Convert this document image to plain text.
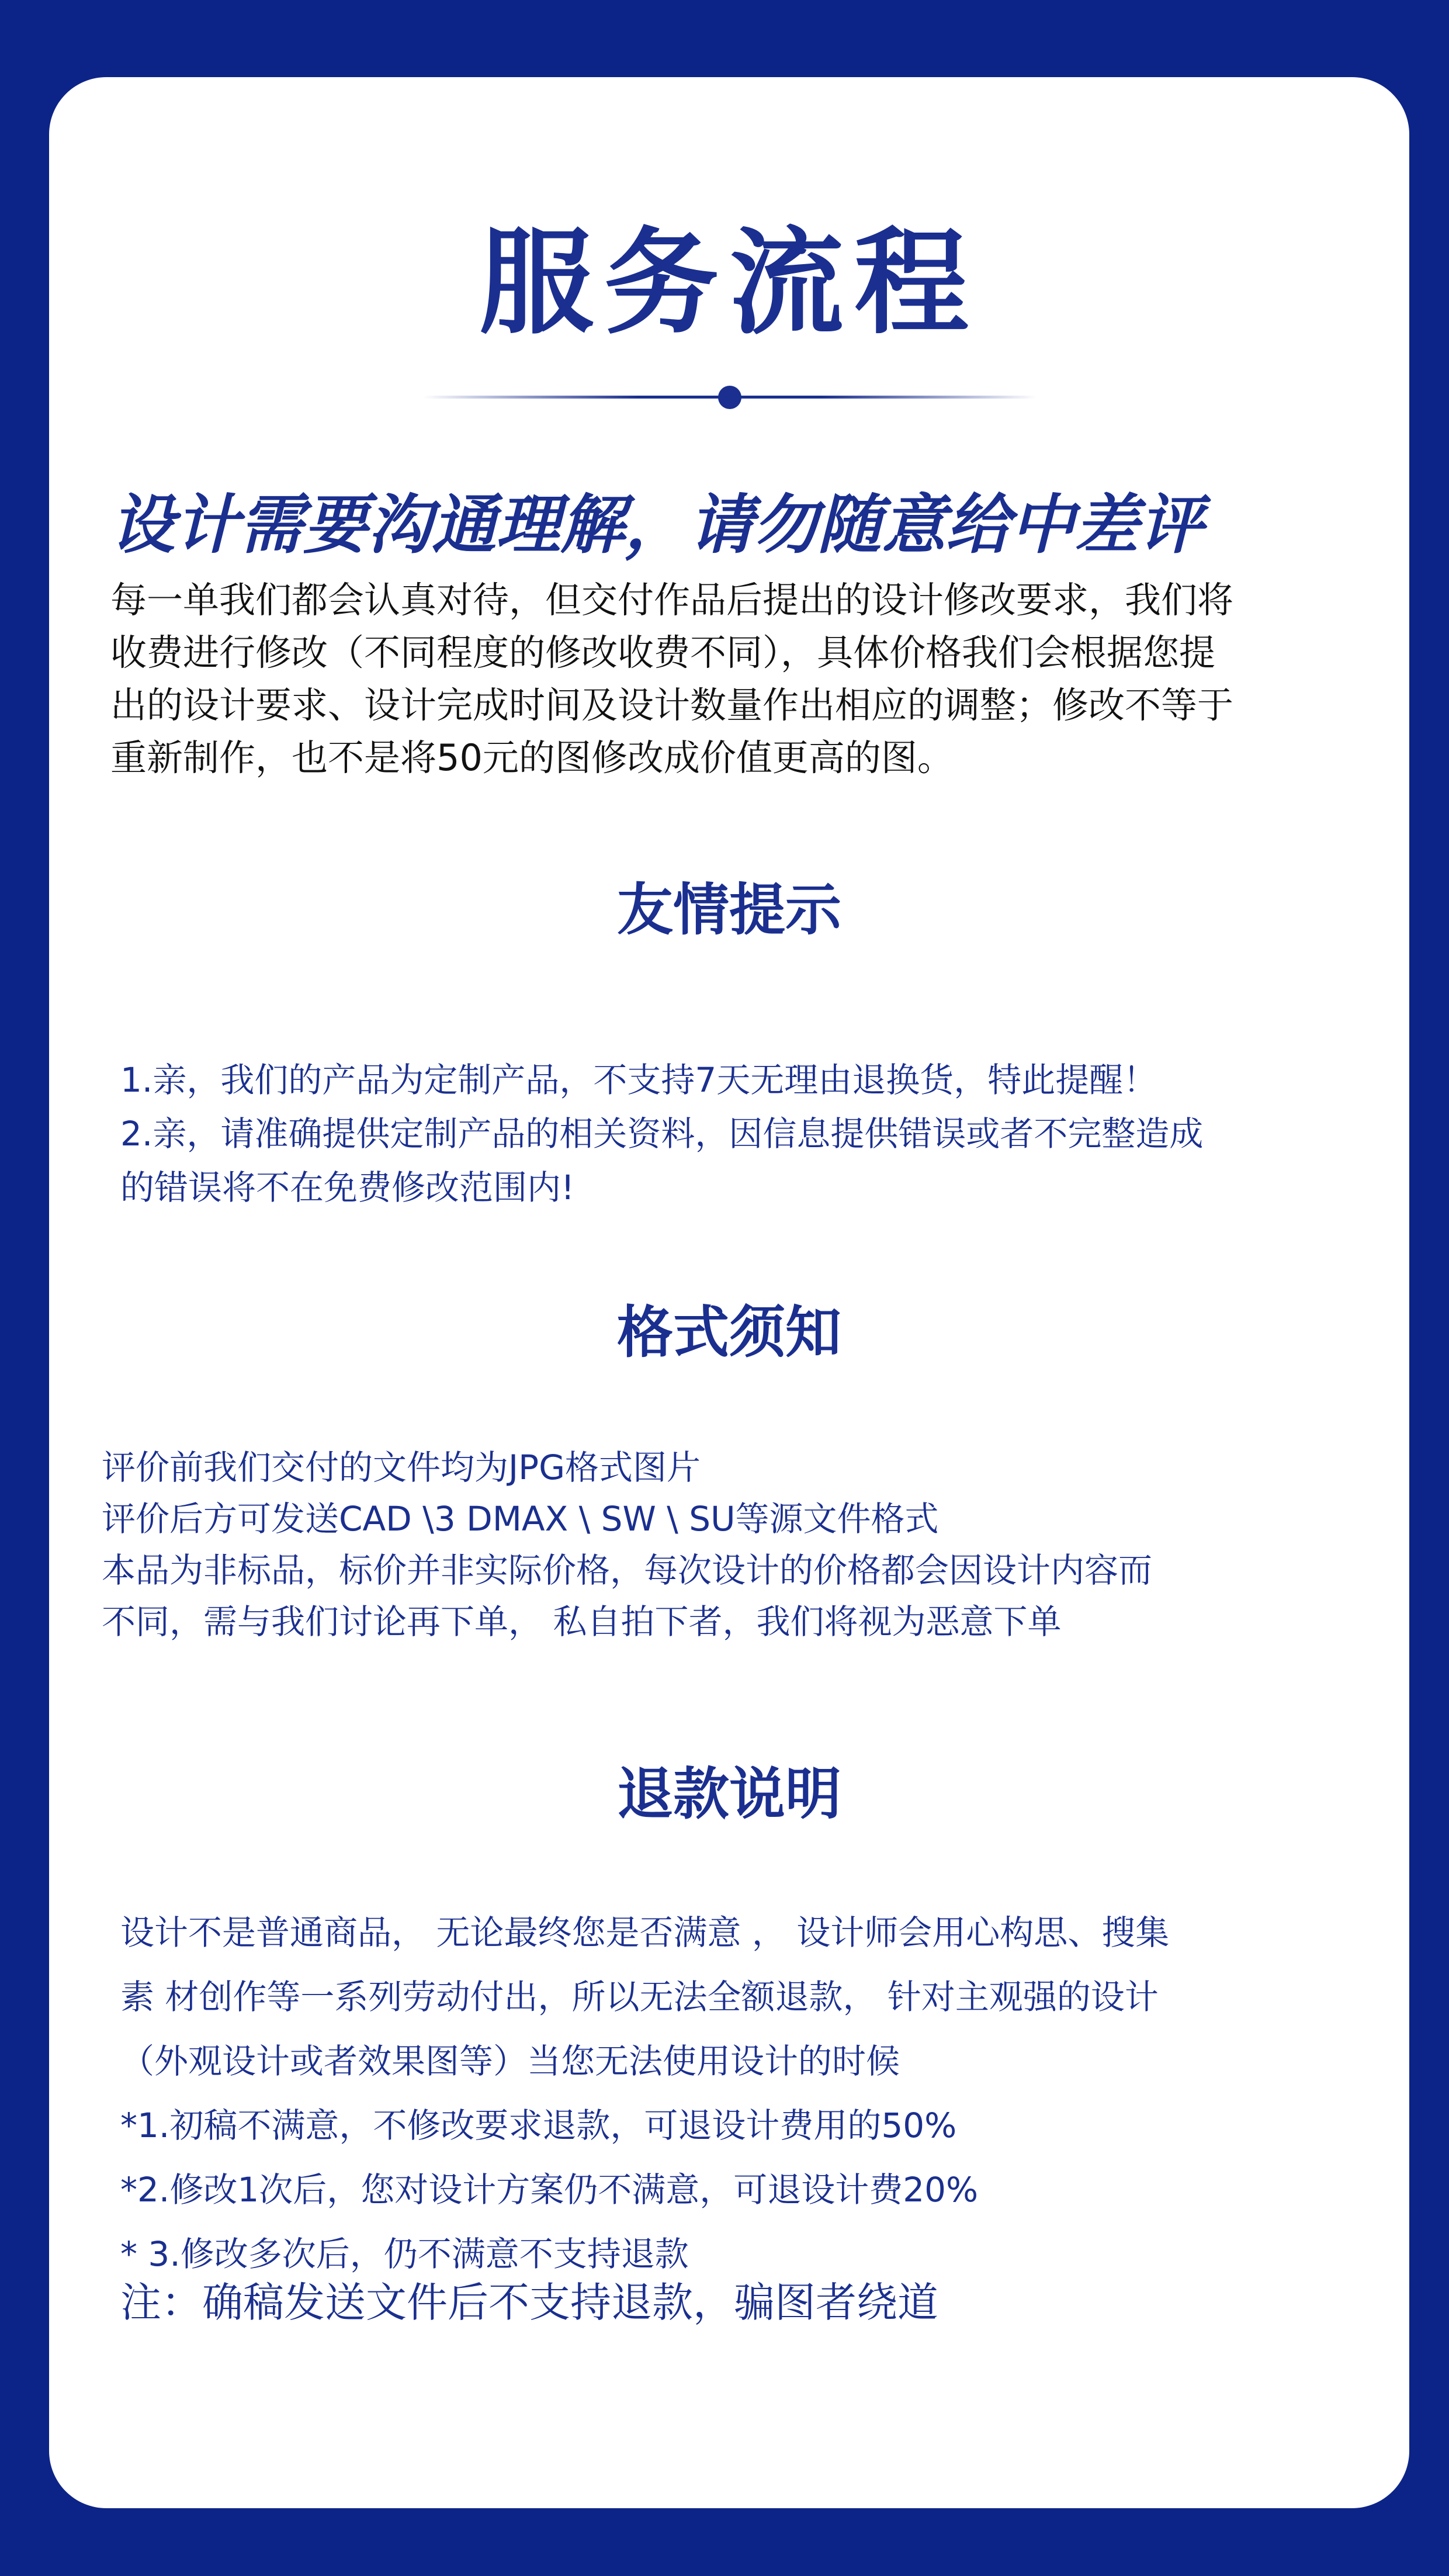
服务流程
设计需要沟通理解，请勿随意给中差评
每一单我们都会认真对待，但交付作品后提出的设计修改要求，我们将
收费进行修改（不同程度的修改收费不同），具体价格我们会根据您提
出的设计要求、设计完成时间及设计数量作出相应的调整；修改不等于
重新制作，也不是将50元的图修改成价值更高的图。
友情提示
1.亲，我们的产品为定制产品，不支持7天无理由退换货，特此提醒！
2.亲，请准确提供定制产品的相关资料，因信息提供错误或者不完整造成
的错误将不在免费修改范围内!
格式须知
评价前我们交付的文件均为JPG格式图片
评价后方可发送CAD \3 DMAX \ SW \ SU等源文件格式
本品为非标品，标价并非实际价格，每次设计的价格都会因设计内容而
不同，需与我们讨论再下单， 私自拍下者，我们将视为恶意下单
退款说明
设计不是普通商品， 无论最终您是否满意 ， 设计师会用心构思、搜集
素 材创作等一系列劳动付出，所以无法全额退款， 针对主观强的设计
（外观设计或者效果图等）当您无法使用设计的时候
*1.初稿不满意，不修改要求退款，可退设计费用的50%
*2.修改1次后，您对设计方案仍不满意，可退设计费20%
* 3.修改多次后，仍不满意不支持退款

注：确稿发送文件后不支持退款，骗图者绕道
